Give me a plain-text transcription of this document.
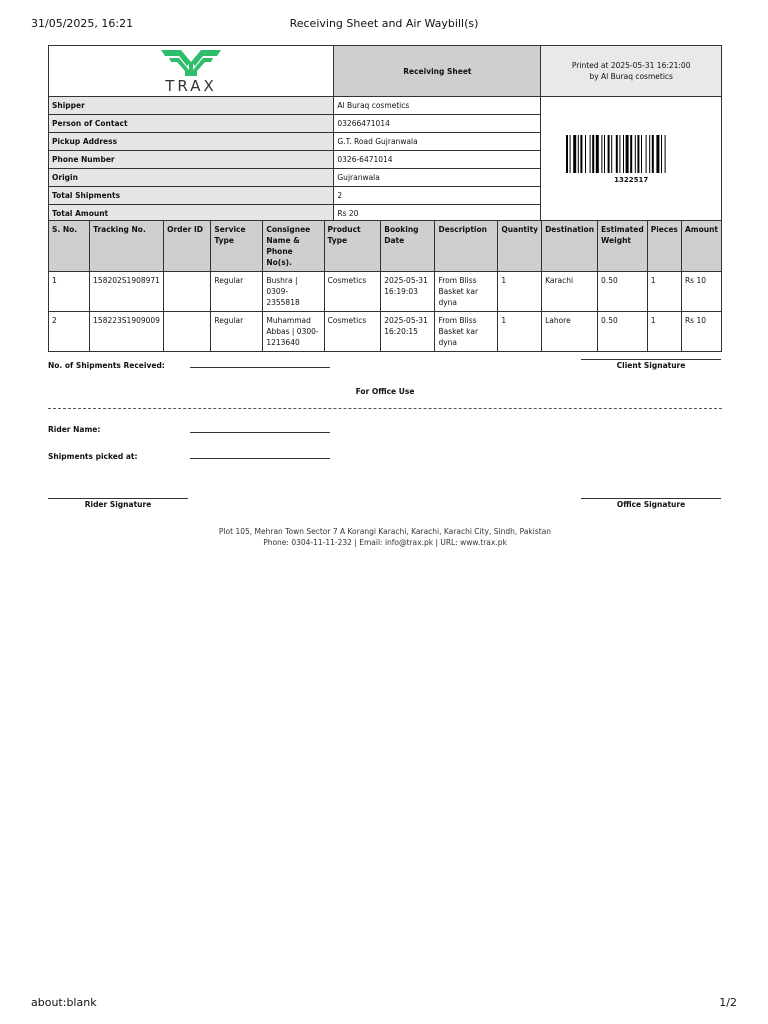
31/05/2025, 16:21	Receiving Sheet and Air Waybill(s)
TRAX	Receiving Sheet	Printed at 2025-05-31 16:21:00
by Al Buraq cosmetics

Shipper	Al Buraq cosmetics	1322517

Person of Contact	03266471014	
Pickup Address	G.T. Road Gujranwala	
Phone Number	0326-6471014	
Origin	Gujranwala	
Total Shipments	2	
Total Amount	Rs 20	
S. No.	Tracking No.	Order ID	Service Type	Consignee Name & Phone No(s).	Product Type	Booking Date	Description	Quantity	Destination	Estimated Weight	Pieces	Amount
1	158202S1908971		Regular	Bushra | 0309-2355818	Cosmetics	2025-05-31 16:19:03	From Bliss Basket kar dyna	1	Karachi	0.50	1	Rs 10
2	158223S1909009		Regular	Muhammad Abbas | 0300-1213640	Cosmetics	2025-05-31 16:20:15	From Bliss Basket kar dyna	1	Lahore	0.50	1	Rs 10
No. of Shipments Received:	Client Signature
For Office Use
Rider Name:
Shipments picked at:
Rider Signature	Office Signature
Plot 105, Mehran Town Sector 7 A Korangi Karachi, Karachi, Karachi City, Sindh, Pakistan
Phone: 0304-11-11-232 | Email: info@trax.pk | URL: www.trax.pk
about:blank	1/2
